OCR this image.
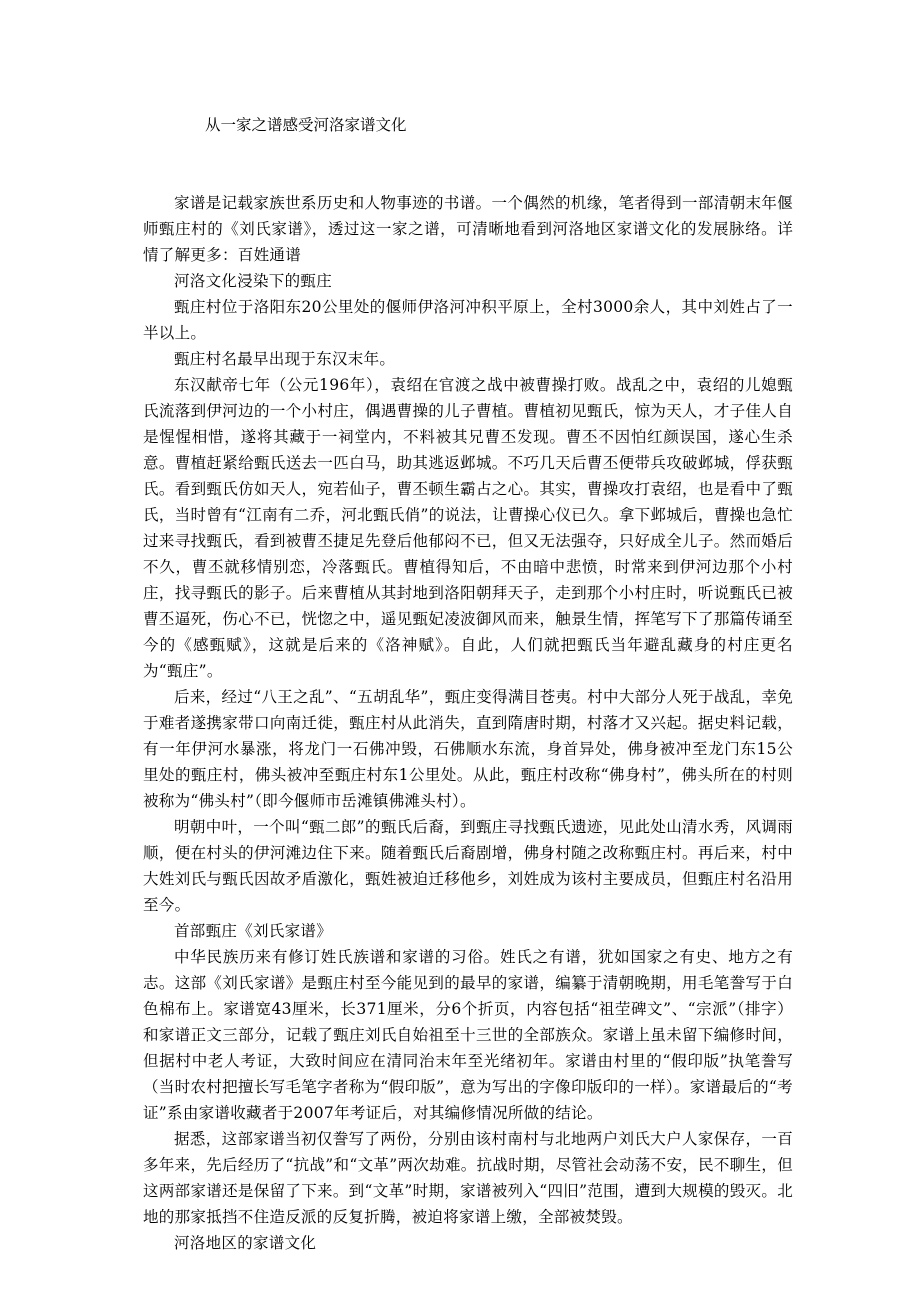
从一家之谱感受河洛家谱文化

家谱是记载家族世系历史和人物事迹的书谱。一个偶然的机缘，笔者得到一部清朝末年偃师甄庄村的《刘氏家谱》，透过这一家之谱，可清晰地看到河洛地区家谱文化的发展脉络。详情了解更多：百姓通谱

河洛文化浸染下的甄庄

甄庄村位于洛阳东20公里处的偃师伊洛河冲积平原上，全村3000余人，其中刘姓占了一半以上。

甄庄村名最早出现于东汉末年。

东汉献帝七年（公元196年），袁绍在官渡之战中被曹操打败。战乱之中，袁绍的儿媳甄氏流落到伊河边的一个小村庄，偶遇曹操的儿子曹植。曹植初见甄氏，惊为天人，才子佳人自是惺惺相惜，遂将其藏于一祠堂内，不料被其兄曹丕发现。曹丕不因怕红颜误国，遂心生杀意。曹植赶紧给甄氏送去一匹白马，助其逃返邺城。不巧几天后曹丕便带兵攻破邺城，俘获甄氏。看到甄氏仿如天人，宛若仙子，曹丕顿生霸占之心。其实，曹操攻打袁绍，也是看中了甄氏，当时曾有“江南有二乔，河北甄氏俏”的说法，让曹操心仪已久。拿下邺城后，曹操也急忙过来寻找甄氏，看到被曹丕捷足先登后他郁闷不已，但又无法强夺，只好成全儿子。然而婚后不久，曹丕就移情别恋，冷落甄氏。曹植得知后，不由暗中悲愤，时常来到伊河边那个小村庄，找寻甄氏的影子。后来曹植从其封地到洛阳朝拜天子，走到那个小村庄时，听说甄氏已被曹丕逼死，伤心不已，恍惚之中，遥见甄妃凌波御风而来，触景生情，挥笔写下了那篇传诵至今的《感甄赋》，这就是后来的《洛神赋》。自此，人们就把甄氏当年避乱藏身的村庄更名为“甄庄”。

后来，经过“八王之乱”、“五胡乱华”，甄庄变得满目苍夷。村中大部分人死于战乱，幸免于难者遂携家带口向南迁徙，甄庄村从此消失，直到隋唐时期，村落才又兴起。据史料记载，有一年伊河水暴涨，将龙门一石佛冲毁，石佛顺水东流，身首异处，佛身被冲至龙门东15公里处的甄庄村，佛头被冲至甄庄村东1公里处。从此，甄庄村改称“佛身村”，佛头所在的村则被称为“佛头村”（即今偃师市岳滩镇佛滩头村）。

明朝中叶，一个叫“甄二郎”的甄氏后裔，到甄庄寻找甄氏遗迹，见此处山清水秀，风调雨顺，便在村头的伊河滩边住下来。随着甄氏后裔剧增，佛身村随之改称甄庄村。再后来，村中大姓刘氏与甄氏因故矛盾激化，甄姓被迫迁移他乡，刘姓成为该村主要成员，但甄庄村名沿用至今。

首部甄庄《刘氏家谱》

中华民族历来有修订姓氏族谱和家谱的习俗。姓氏之有谱，犹如国家之有史、地方之有志。这部《刘氏家谱》是甄庄村至今能见到的最早的家谱，编纂于清朝晚期，用毛笔誊写于白色棉布上。家谱宽43厘米，长371厘米，分6个折页，内容包括“祖茔碑文”、“宗派”（排字）和家谱正文三部分，记载了甄庄刘氏自始祖至十三世的全部族众。家谱上虽未留下编修时间，但据村中老人考证，大致时间应在清同治末年至光绪初年。家谱由村里的“假印版”执笔誊写（当时农村把擅长写毛笔字者称为“假印版”，意为写出的字像印版印的一样）。家谱最后的“考证”系由家谱收藏者于2007年考证后，对其编修情况所做的结论。

据悉，这部家谱当初仅誊写了两份，分别由该村南村与北地两户刘氏大户人家保存，一百多年来，先后经历了“抗战”和“文革”两次劫难。抗战时期，尽管社会动荡不安，民不聊生，但这两部家谱还是保留了下来。到“文革”时期，家谱被列入“四旧”范围，遭到大规模的毁灭。北地的那家抵挡不住造反派的反复折腾，被迫将家谱上缴，全部被焚毁。

河洛地区的家谱文化
